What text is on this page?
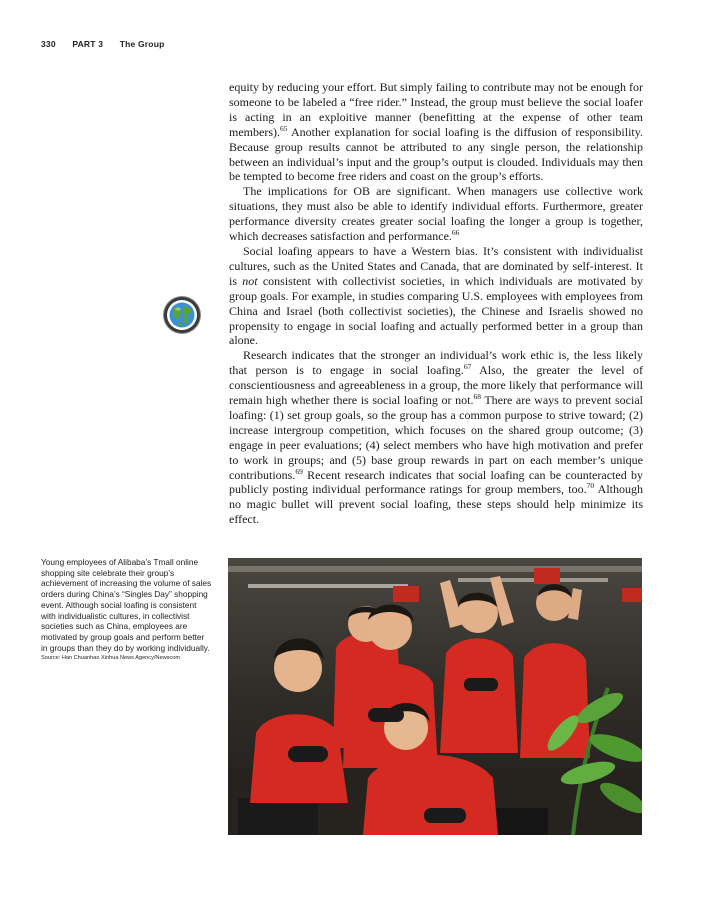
330 PART 3 The Group

equity by reducing your effort. But simply failing to contribute may not be enough for someone to be labeled a “free rider.” Instead, the group must believe the social loafer is acting in an exploitive manner (benefitting at the expense of other team members).$^{65}$ Another explanation for social loafing is the diffusion of responsibility. Because group results cannot be attributed to any single person, the relationship between an individual’s input and the group’s output is clouded. Individuals may then be tempted to become free riders and coast on the group’s efforts.

The implications for OB are significant. When managers use collective work situations, they must also be able to identify individual efforts. Furthermore, greater performance diversity creates greater social loafing the longer a group is together, which decreases satisfaction and performance.$^{66}$

Social loafing appears to have a Western bias. It’s consistent with individualist cultures, such as the United States and Canada, that are dominated by self-interest. It is not consistent with collectivist societies, in which individuals are motivated by group goals. For example, in studies comparing U.S. employees with employees from China and Israel (both collectivist societies), the Chinese and Israelis showed no propensity to engage in social loafing and actually performed better in a group than alone.

Research indicates that the stronger an individual’s work ethic is, the less likely that person is to engage in social loafing.$^{67}$ Also, the greater the level of conscientiousness and agreeableness in a group, the more likely that performance will remain high whether there is social loafing or not.$^{68}$ There are ways to prevent social loafing: (1) set group goals, so the group has a common purpose to strive toward; (2) increase intergroup competition, which focuses on the shared group outcome; (3) engage in peer evaluations; (4) select members who have high motivation and prefer to work in groups; and (5) base group rewards in part on each member’s unique contributions.$^{69}$ Recent research indicates that social loafing can be counteracted by publicly posting individual performance ratings for group members, too.$^{70}$ Although no magic bullet will prevent social loafing, these steps should help minimize its effect.

Young employees of Alibaba’s Tmall online shopping site celebrate their group’s achievement of increasing the volume of sales orders during China’s “Singles Day” shopping event. Although social loafing is consistent with individualistic cultures, in collectivist societies such as China, employees are motivated by group goals and perform better in groups than they do by working individually.
Source: Han Chuanhao Xinhua News Agency/Newscom
